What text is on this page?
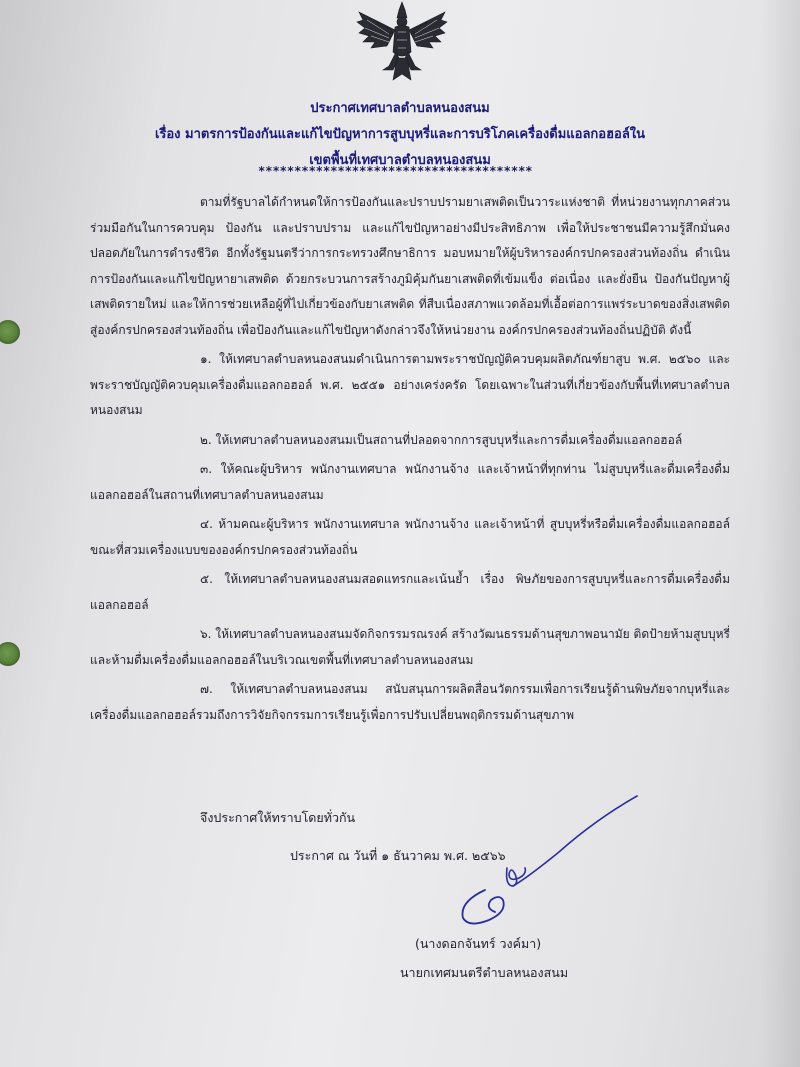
ประกาศเทศบาลตำบลหนองสนม
เรื่อง มาตรการป้องกันและแก้ไขปัญหาการสูบบุหรี่และการบริโภคเครื่องดื่มแอลกอฮอล์ใน
เขตพื้นที่เทศบาลตำบลหนองสนม
**************************************

ตามที่รัฐบาลได้กำหนดให้การป้องกันและปราบปรามยาเสพติดเป็นวาระแห่งชาติ ที่หน่วยงานทุกภาคส่วนร่วมมือกันในการควบคุม ป้องกัน และปราบปราม และแก้ไขปัญหาอย่างมีประสิทธิภาพ เพื่อให้ประชาชนมีความรู้สึกมั่นคงปลอดภัยในการดำรงชีวิต อีกทั้งรัฐมนตรีว่าการกระทรวงศึกษาธิการ มอบหมายให้ผู้บริหารองค์กรปกครองส่วนท้องถิ่น ดำเนินการป้องกันและแก้ไขปัญหายาเสพติด ด้วยกระบวนการสร้างภูมิคุ้มกันยาเสพติดที่เข้มแข็ง ต่อเนื่อง และยั่งยืน ป้องกันปัญหาผู้เสพติดรายใหม่ และให้การช่วยเหลือผู้ที่ไปเกี่ยวข้องกับยาเสพติด ที่สืบเนื่องสภาพแวดล้อมที่เอื้อต่อการแพร่ระบาดของสิ่งเสพติดสู่องค์กรปกครองส่วนท้องถิ่น เพื่อป้องกันและแก้ไขปัญหาดังกล่าวจึงให้หน่วยงาน องค์กรปกครองส่วนท้องถิ่นปฏิบัติ ดังนี้

๑. ให้เทศบาลตำบลหนองสนมดำเนินการตามพระราชบัญญัติควบคุมผลิตภัณฑ์ยาสูบ พ.ศ. ๒๕๖๐ และพระราชบัญญัติควบคุมเครื่องดื่มแอลกอฮอล์ พ.ศ. ๒๕๕๑ อย่างเคร่งครัด โดยเฉพาะในส่วนที่เกี่ยวข้องกับพื้นที่เทศบาลตำบลหนองสนม

๒. ให้เทศบาลตำบลหนองสนมเป็นสถานที่ปลอดจากการสูบบุหรี่และการดื่มเครื่องดื่มแอลกอฮอล์

๓. ให้คณะผู้บริหาร พนักงานเทศบาล พนักงานจ้าง และเจ้าหน้าที่ทุกท่าน ไม่สูบบุหรี่และดื่มเครื่องดื่มแอลกอฮอล์ในสถานที่เทศบาลตำบลหนองสนม

๔. ห้ามคณะผู้บริหาร พนักงานเทศบาล พนักงานจ้าง และเจ้าหน้าที่ สูบบุหรี่หรือดื่มเครื่องดื่มแอลกอฮอล์ขณะที่สวมเครื่องแบบขององค์กรปกครองส่วนท้องถิ่น

๕. ให้เทศบาลตำบลหนองสนมสอดแทรกและเน้นย้ำ เรื่อง พิษภัยของการสูบบุหรี่และการดื่มเครื่องดื่มแอลกอฮอล์

๖. ให้เทศบาลตำบลหนองสนมจัดกิจกรรมรณรงค์ สร้างวัฒนธรรมด้านสุขภาพอนามัย ติดป้ายห้ามสูบบุหรี่และห้ามดื่มเครื่องดื่มแอลกอฮอล์ในบริเวณเขตพื้นที่เทศบาลตำบลหนองสนม

๗. ให้เทศบาลตำบลหนองสนม สนับสนุนการผลิตสื่อนวัตกรรมเพื่อการเรียนรู้ด้านพิษภัยจากบุหรี่และเครื่องดื่มแอลกอฮอล์รวมถึงการวิจัยกิจกรรมการเรียนรู้เพื่อการปรับเปลี่ยนพฤติกรรมด้านสุขภาพ

จึงประกาศให้ทราบโดยทั่วกัน
ประกาศ ณ วันที่ ๑ ธันวาคม พ.ศ. ๒๕๖๖
(นางดอกจันทร์ วงค์มา)
นายกเทศมนตรีตำบลหนองสนม
